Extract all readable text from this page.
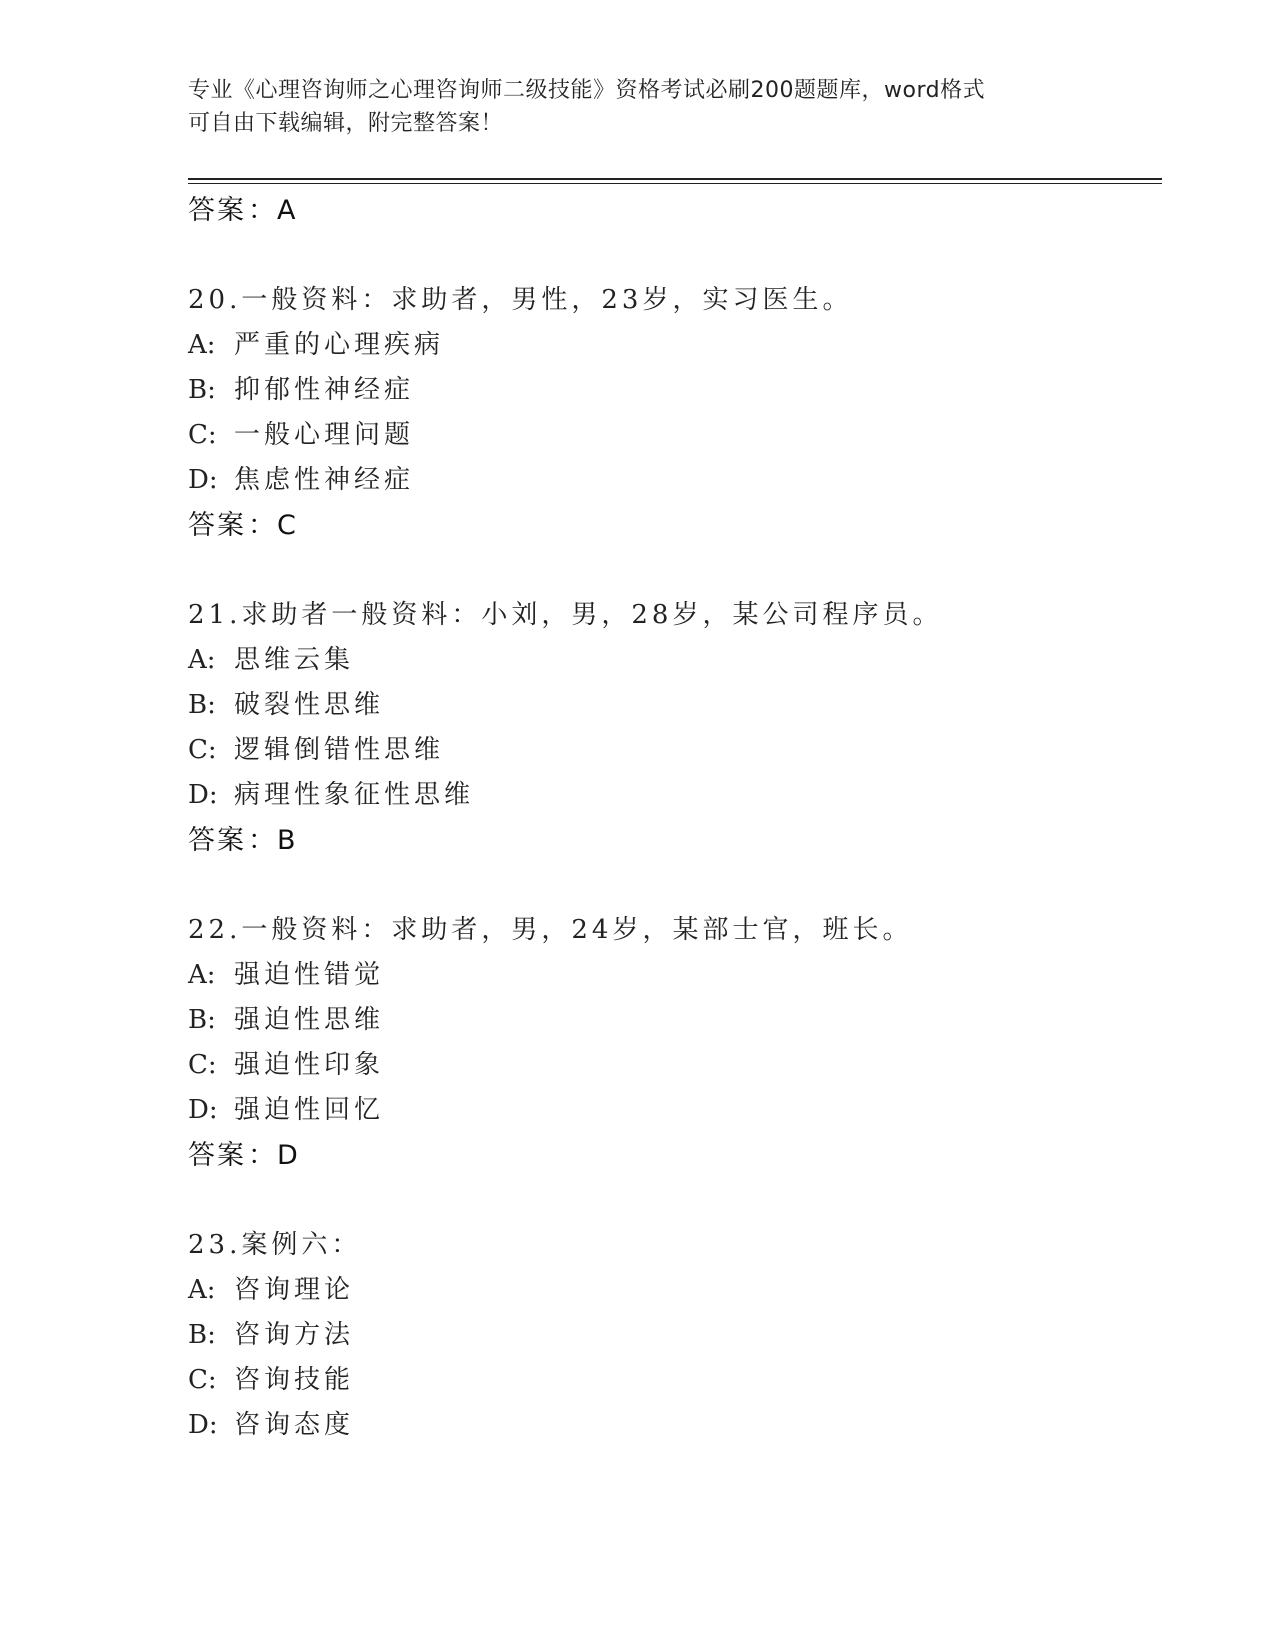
专业《心理咨询师之心理咨询师二级技能》资格考试必刷200题题库，word格式
可自由下载编辑，附完整答案！
答案：A
20.一般资料：求助者，男性，23岁，实习医生。
A: 严重的心理疾病
B: 抑郁性神经症
C: 一般心理问题
D: 焦虑性神经症
答案：C
21.求助者一般资料：小刘，男，28岁，某公司程序员。
A: 思维云集
B: 破裂性思维
C: 逻辑倒错性思维
D: 病理性象征性思维
答案：B
22.一般资料：求助者，男，24岁，某部士官，班长。
A: 强迫性错觉
B: 强迫性思维
C: 强迫性印象
D: 强迫性回忆
答案：D
23.案例六：
A: 咨询理论
B: 咨询方法
C: 咨询技能
D: 咨询态度
